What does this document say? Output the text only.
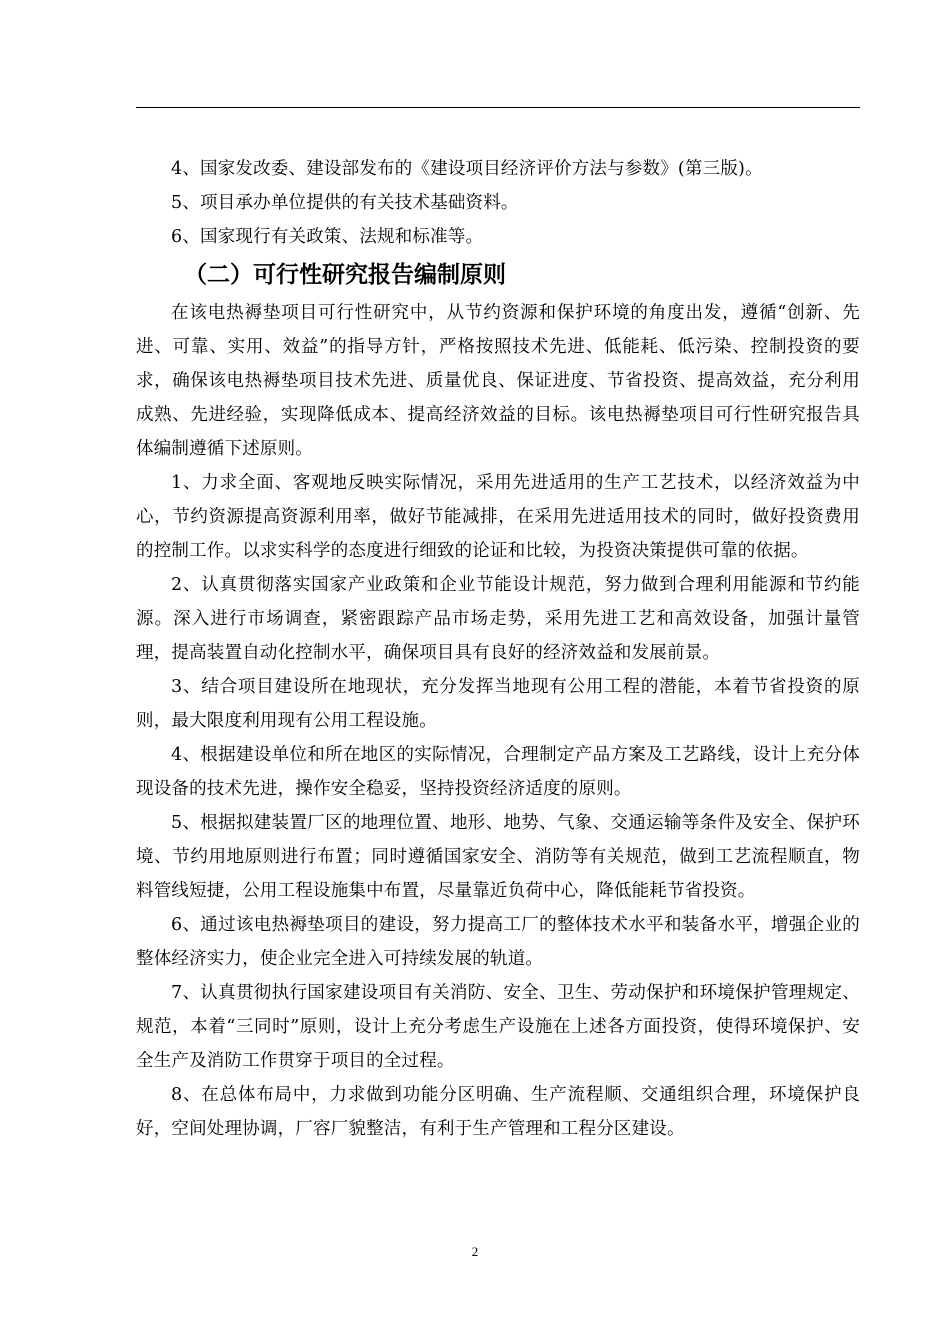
4、国家发改委、建设部发布的《建设项目经济评价方法与参数》(第三版)。

5、项目承办单位提供的有关技术基础资料。

6、国家现行有关政策、法规和标准等。

（二）可行性研究报告编制原则

在该电热褥垫项目可行性研究中，从节约资源和保护环境的角度出发，遵循“创新、先进、可靠、实用、效益”的指导方针，严格按照技术先进、低能耗、低污染、控制投资的要求，确保该电热褥垫项目技术先进、质量优良、保证进度、节省投资、提高效益，充分利用成熟、先进经验，实现降低成本、提高经济效益的目标。该电热褥垫项目可行性研究报告具体编制遵循下述原则。

1、力求全面、客观地反映实际情况，采用先进适用的生产工艺技术，以经济效益为中心，节约资源提高资源利用率，做好节能减排，在采用先进适用技术的同时，做好投资费用的控制工作。以求实科学的态度进行细致的论证和比较，为投资决策提供可靠的依据。

2、认真贯彻落实国家产业政策和企业节能设计规范，努力做到合理利用能源和节约能源。深入进行市场调查，紧密跟踪产品市场走势，采用先进工艺和高效设备，加强计量管理，提高装置自动化控制水平，确保项目具有良好的经济效益和发展前景。

3、结合项目建设所在地现状，充分发挥当地现有公用工程的潜能，本着节省投资的原则，最大限度利用现有公用工程设施。

4、根据建设单位和所在地区的实际情况，合理制定产品方案及工艺路线，设计上充分体现设备的技术先进，操作安全稳妥，坚持投资经济适度的原则。

5、根据拟建装置厂区的地理位置、地形、地势、气象、交通运输等条件及安全、保护环境、节约用地原则进行布置；同时遵循国家安全、消防等有关规范，做到工艺流程顺直，物料管线短捷，公用工程设施集中布置，尽量靠近负荷中心，降低能耗节省投资。

6、通过该电热褥垫项目的建设，努力提高工厂的整体技术水平和装备水平，增强企业的整体经济实力，使企业完全进入可持续发展的轨道。

7、认真贯彻执行国家建设项目有关消防、安全、卫生、劳动保护和环境保护管理规定、规范，本着“三同时”原则，设计上充分考虑生产设施在上述各方面投资，使得环境保护、安全生产及消防工作贯穿于项目的全过程。

8、在总体布局中，力求做到功能分区明确、生产流程顺、交通组织合理，环境保护良好，空间处理协调，厂容厂貌整洁，有利于生产管理和工程分区建设。

2
